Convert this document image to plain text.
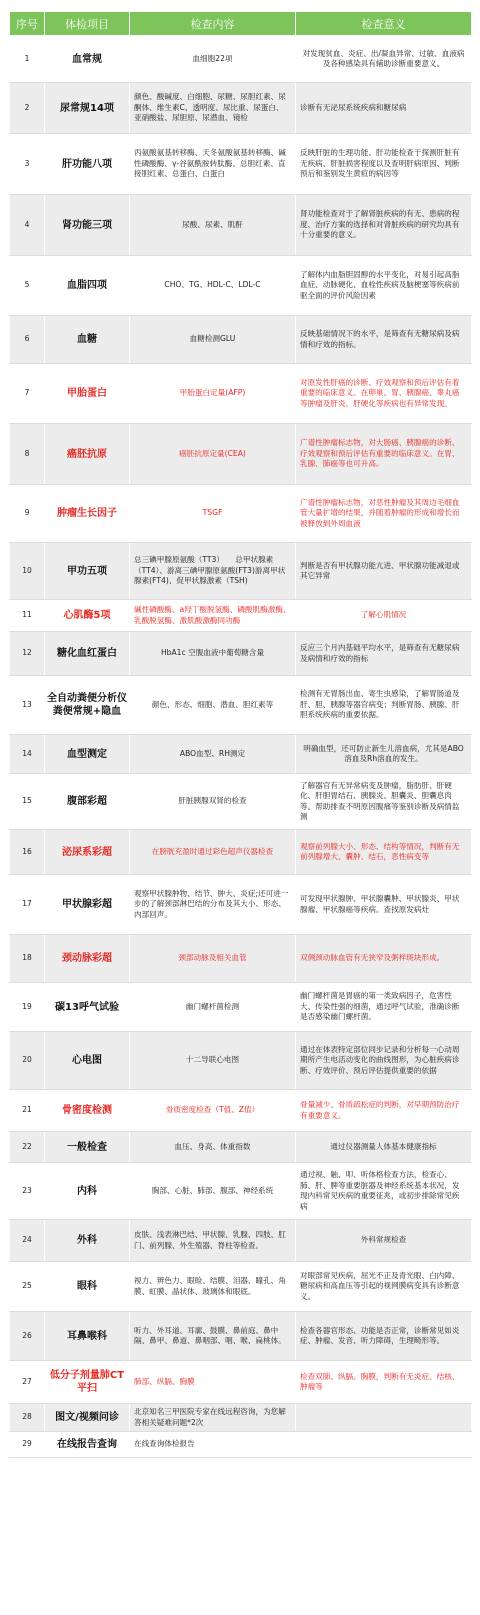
序号	体检项目	检查内容	检查意义
1	血常规	血细胞22项	对发现贫血、炎症、出/凝血异常、过敏、血液病及各种感染具有辅助诊断重要意义。
2	尿常规14项	颜色、酸碱度、白细胞、尿糖、尿胆红素、尿酮体、维生素C、透明度、尿比重、尿蛋白、亚硝酸盐、尿胆原、尿潜血、镜检	诊断有无泌尿系统疾病和糖尿病
3	肝功能八项	丙氨酸氨基转移酶、天冬氨酸氨基转移酶、碱性磷酸酶、γ-谷氨酰胺转肽酶、总胆红素、直接胆红素、总蛋白、白蛋白	反映肝脏的生理功能、肝功能检查于探测肝脏有无疾病、肝脏损害程度以及查明肝病原因、判断预后和鉴别发生黄疸的病因等
4	肾功能三项	尿酸、尿素、肌酐	肾功能检查对于了解肾脏疾病的有无、患病的程度、治疗方案的选择和对肾脏疾病的研究均具有十分重要的意义。
5	血脂四项	CHO、TG、HDL-C、LDL-C	了解体内血脂胆固醇的水平变化，对易引起高脂血症、动脉硬化、血栓性疾病及脑梗塞等疾病前驱全面的评价风险因素
6	血糖	血糖检测GLU	反映基础情况下的水平，是筛查有无糖尿病及病情和疗效的指标。
7	甲胎蛋白	甲胎蛋白定量(AFP)	对原发性肝癌的诊断、疗效观察和预后评估有着重要的临床意义。在卵巢、胃、胰腺癌、睾丸癌等肿瘤及肝炎、肝硬化等疾病也有异常发现。
8	癌胚抗原	癌胚抗原定量(CEA)	广谱性肿瘤标志物，对大肠癌、胰腺癌的诊断、疗效观察和预后评估有重要的临床意义。在胃、乳腺、肺癌等也可升高。
9	肿瘤生长因子	TSGF	广谱性肿瘤标志物，对恶性肿瘤及其周边毛细血管大量扩增的结果，并随着肿瘤的形成和增长而被释放到外周血液
10	甲功五项	总三碘甲腺原氨酸（TT3）　　总甲状腺素（TT4）、游离三碘甲腺原氨酸(FT3)游离甲状腺素(FT4)、促甲状腺激素（TSH)	判断是否有甲状腺功能亢进、甲状腺功能减退或其它异常
11	心肌酶5项	碱性磷酸酶、a羟丁酸脱氢酶、磷酸肌酶激酶、乳酸脱氢酶、激肌酸激酶同功酶	了解心肌情况
12	糖化血红蛋白	HbA1c 空腹血液中葡萄糖含量	反应三个月内基础平均水平，是筛查有无糖尿病及病情和疗效的指标
13	全自动粪便分析仪粪便常规+隐血	颜色、形态、细胞、潜血、胆红素等	检测有无胃肠出血、寄生虫感染，了解胃肠道及肝、胆、胰腺等器官病变；判断胃肠、胰腺、肝胆系统疾病的重要依据。
14	血型测定	ABO血型、RH测定	明确血型，还可防止新生儿溶血病，尤其是ABO溶血及Rh溶血的发生。
15	腹部彩超	肝脏胰腺双肾的检查	了解器官有无异常病变及肿瘤，脂肪肝、肝硬化、肝胆胃结石、胰腺炎、胆囊炎、胆囊息肉等。帮助排查不明原因腹痛等鉴别诊断及病情监测
16	泌尿系彩超	在膀胱充盈时通过彩色超声仪器检查	观察前列腺大小、形态、结构等情况，判断有无前列腺增大、囊肿、结石，恶性病变等
17	甲状腺彩超	观察甲状腺肿物、结节、肿大、炎症;还可进一步的了解颈部淋巴结的分布及其大小、形态、内部回声。	可发现甲状腺肿、甲状腺囊肿、甲状腺炎、甲状腺瘤、甲状腺癌等疾病。查找原发病灶
18	颈动脉彩超	颈部动脉及相关血管	双侧颈动脉血管有无狭窄及粥样斑块形成。
19	碳13呼气试验	幽门螺杆菌检测	幽门螺杆菌是胃癌的第一类致病因子，危害性大、传染性强的细菌，通过呼气试验，准确诊断是否感染幽门螺杆菌。
20	心电图	十二导联心电图	通过在体表特定部位同步记录和分析每一心动周期所产生电活动变化的曲线图形，为心脏疾病诊断、疗效评价、预后评估提供重要的依据
21	骨密度检测	骨质密度检查（T值、Z值）	骨量减少、骨质疏松症的判断，对早期预防治疗有重要意义。
22	一般检查	血压、身高、体重指数	通过仪器测量人体基本健康指标
23	内科	胸部、心脏、肺部、腹部、神经系统	通过视、触、叩、听体格检查方法，检查心、肺、肝、脾等重要脏器及神经系统基本状况，发现内科常见疾病的重要征兆，或初步排除常见疾病
24	外科	皮肤、浅表淋巴结、甲状腺、乳腺、四肢、肛门、前列腺、外生殖器、脊柱等检查。	外科常规检查
25	眼科	视力、辨色力、眼睑、结膜、泪器、瞳孔、角膜、虹膜、晶状体、玻璃体和眼底。	对眼部常见疾病，屈光不正及青光眼、白内障、糖尿病和高血压等引起的视网膜病变具有诊断意义。
26	耳鼻喉科	听力、外耳道、耳廓、鼓膜、鼻前庭、鼻中隔、鼻甲、鼻道、鼻咽部、咽、喉、扁桃体。	检查各器官形态、功能是否正常，诊断常见如炎症、肿瘤、发音、听力障碍，生理畸形等。
27	低分子剂量肺CT平扫	肺部、纵膈、胸膜	检查双肺、纵膈、胸膜，判断有无炎症、结核、肿瘤等
28	图文/视频问诊	北京知名三甲医院专家在线远程咨询，为您解答相关疑难问题*2次	
29	在线报告查询	在线查询体检报告	
